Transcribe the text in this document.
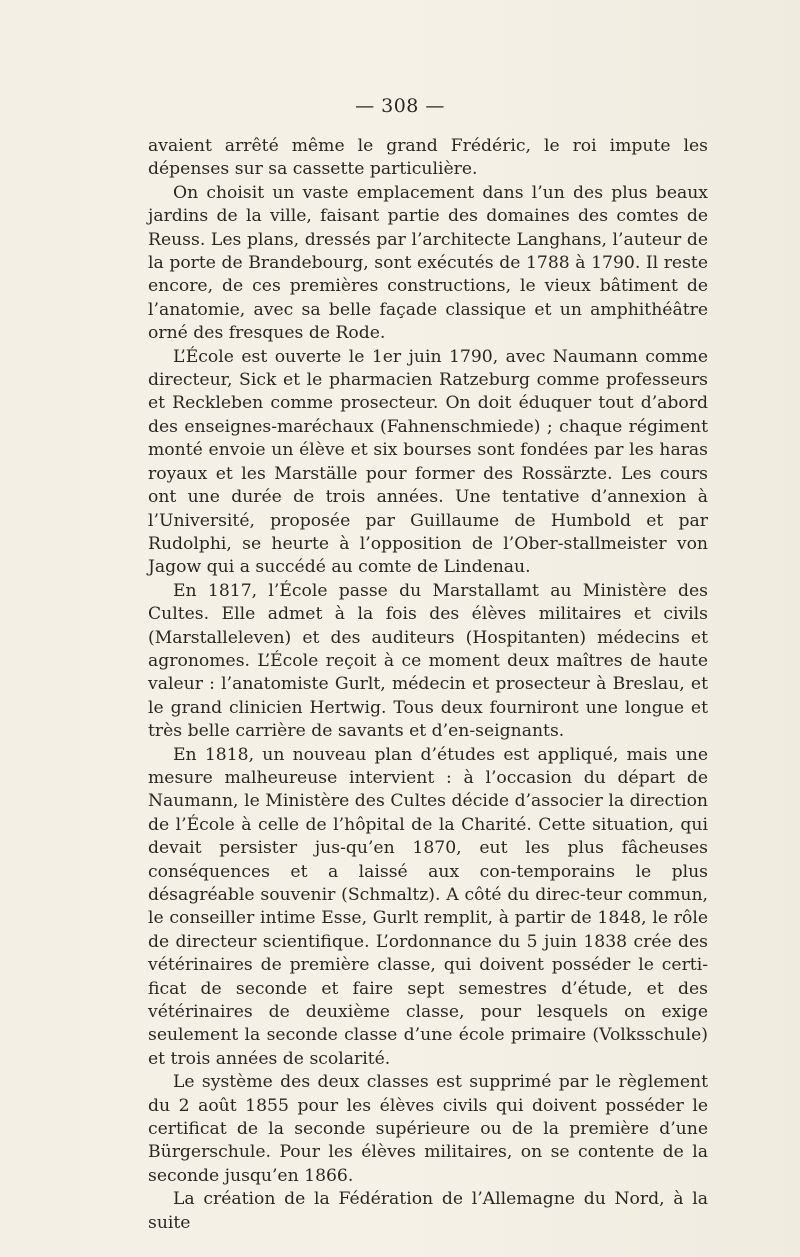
— 308 —

avaient arrêté même le grand Frédéric, le roi impute les dépenses sur sa cassette particulière.

On choisit un vaste emplacement dans l’un des plus beaux jardins de la ville, faisant partie des domaines des comtes de Reuss. Les plans, dressés par l’architecte Langhans, l’auteur de la porte de Brandebourg, sont exécutés de 1788 à 1790. Il reste encore, de ces premières constructions, le vieux bâtiment de l’anatomie, avec sa belle façade classique et un amphithéâtre orné des fresques de Rode.

L’École est ouverte le 1er juin 1790, avec Naumann comme directeur, Sick et le pharmacien Ratzeburg comme professeurs et Reckleben comme prosecteur. On doit éduquer tout d’abord des enseignes-maréchaux (Fahnenschmiede) ; chaque régiment monté envoie un élève et six bourses sont fondées par les haras royaux et les Marställe pour former des Rossärzte. Les cours ont une durée de trois années. Une tentative d’annexion à l’Université, proposée par Guillaume de Humbold et par Rudolphi, se heurte à l’opposition de l’Ober-stallmeister von Jagow qui a succédé au comte de Lindenau.

En 1817, l’École passe du Marstallamt au Ministère des Cultes. Elle admet à la fois des élèves militaires et civils (Marstalleleven) et des auditeurs (Hospitanten) médecins et agronomes. L’École reçoit à ce moment deux maîtres de haute valeur : l’anatomiste Gurlt, médecin et prosecteur à Breslau, et le grand clinicien Hertwig. Tous deux fourniront une longue et très belle carrière de savants et d’en-seignants.

En 1818, un nouveau plan d’études est appliqué, mais une mesure malheureuse intervient : à l’occasion du départ de Naumann, le Ministère des Cultes décide d’associer la direction de l’École à celle de l’hôpital de la Charité. Cette situation, qui devait persister jus-qu’en 1870, eut les plus fâcheuses conséquences et a laissé aux con-temporains le plus désagréable souvenir (Schmaltz). A côté du direc-teur commun, le conseiller intime Esse, Gurlt remplit, à partir de 1848, le rôle de directeur scientifique. L’ordonnance du 5 juin 1838 crée des vétérinaires de première classe, qui doivent posséder le certi-ficat de seconde et faire sept semestres d’étude, et des vétérinaires de deuxième classe, pour lesquels on exige seulement la seconde classe d’une école primaire (Volksschule) et trois années de scolarité.

Le système des deux classes est supprimé par le règlement du 2 août 1855 pour les élèves civils qui doivent posséder le certificat de la seconde supérieure ou de la première d’une Bürgerschule. Pour les élèves militaires, on se contente de la seconde jusqu’en 1866.

La création de la Fédération de l’Allemagne du Nord, à la suite
